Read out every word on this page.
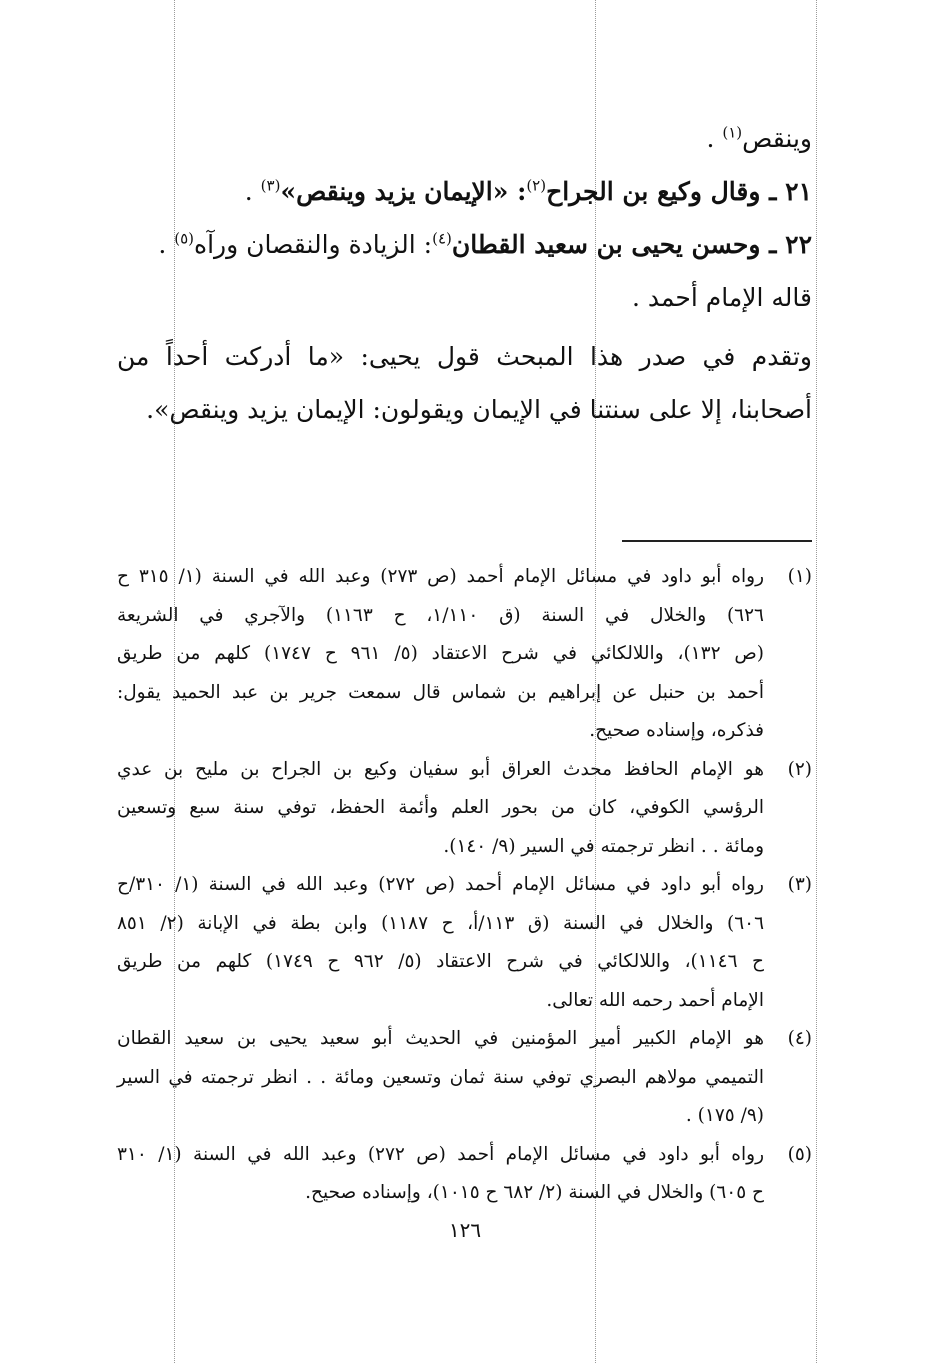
وينقص$^{(١)}$ .

٢١ ـ وقال وكيع بن الجراح$^{(٢)}$: «الإيمان يزيد وينقص»$^{(٣)}$ .

٢٢ ـ وحسن يحيى بن سعيد القطان$^{(٤)}$: الزيادة والنقصان ورآه$^{(٥)}$ .

قاله الإمام أحمد .

وتقدم في صدر هذا المبحث قول يحيى: «ما أدركت أحداً من أصحابنا، إلا على سنتنا في الإيمان ويقولون: الإيمان يزيد وينقص».

(١)
رواه أبو داود في مسائل الإمام أحمد (ص ٢٧٣) وعبد الله في السنة (١/ ٣١٥ ح
٦٢٦) والخلال في السنة (ق ١/١١٠، ح ١١٦٣) والآجري في الشريعة
(ص ١٣٢)، واللالكائي في شرح الاعتقاد (٥/ ٩٦١ ح ١٧٤٧) كلهم من طريق
أحمد بن حنبل عن إبراهيم بن شماس قال سمعت جرير بن عبد الحميد يقول:
فذكره، وإسناده صحيح.
(٢)
هو الإمام الحافظ محدث العراق أبو سفيان وكيع بن الجراح بن مليح بن عدي
الرؤسي الكوفي، كان من بحور العلم وأئمة الحفظ، توفي سنة سبع وتسعين
ومائة . . انظر ترجمته في السير (٩/ ١٤٠).
(٣)
رواه أبو داود في مسائل الإمام أحمد (ص ٢٧٢) وعبد الله في السنة (١/ ٣١٠/ح
٦٠٦) والخلال في السنة (ق ١١٣/أ، ح ١١٨٧) وابن بطة في الإبانة (٢/ ٨٥١
ح ١١٤٦)، واللالكائي في شرح الاعتقاد (٥/ ٩٦٢ ح ١٧٤٩) كلهم من طريق
الإمام أحمد رحمه الله تعالى.
(٤)
هو الإمام الكبير أمير المؤمنين في الحديث أبو سعيد يحيى بن سعيد القطان
التميمي مولاهم البصري توفي سنة ثمان وتسعين ومائة . . انظر ترجمته في السير
(٩/ ١٧٥) .
(٥)
رواه أبو داود في مسائل الإمام أحمد (ص ٢٧٢) وعبد الله في السنة (١/ ٣١٠
ح ٦٠٥) والخلال في السنة (٢/ ٦٨٢ ح ١٠١٥)، وإسناده صحيح.
١٢٦
